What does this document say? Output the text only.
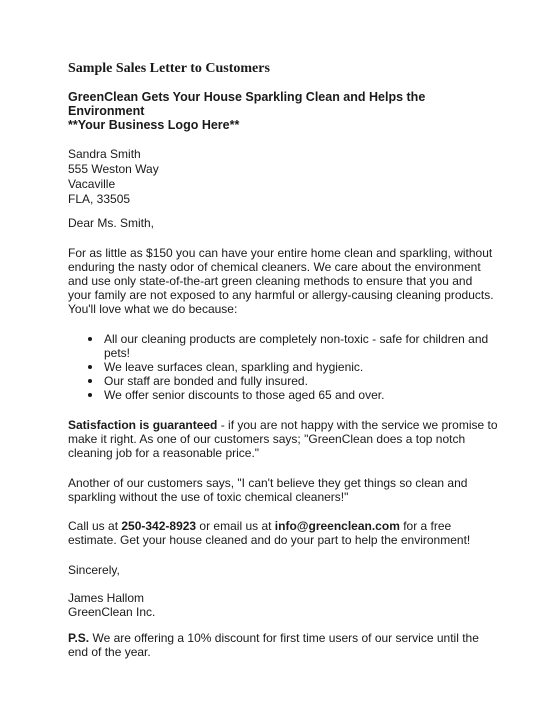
Sample Sales Letter to Customers
GreenClean Gets Your House Sparkling Clean and Helps the Environment
**Your Business Logo Here**
Sandra Smith
555 Weston Way
Vacaville
FLA, 33505

Dear Ms. Smith,

For as little as $150 you can have your entire home clean and sparkling, without enduring the nasty odor of chemical cleaners. We care about the environment and use only state-of-the-art green cleaning methods to ensure that you and your family are not exposed to any harmful or allergy-causing cleaning products. You'll love what we do because:

All our cleaning products are completely non-toxic - safe for children and pets!
We leave surfaces clean, sparkling and hygienic.
Our staff are bonded and fully insured.
We offer senior discounts to those aged 65 and over.

Satisfaction is guaranteed - if you are not happy with the service we promise to make it right. As one of our customers says; "GreenClean does a top notch cleaning job for a reasonable price."

Another of our customers says, "I can't believe they get things so clean and sparkling without the use of toxic chemical cleaners!"

Call us at 250-342-8923 or email us at info@greenclean.com for a free estimate. Get your house cleaned and do your part to help the environment!

Sincerely,

James Hallom
GreenClean Inc.

P.S. We are offering a 10% discount for first time users of our service until the end of the year.
